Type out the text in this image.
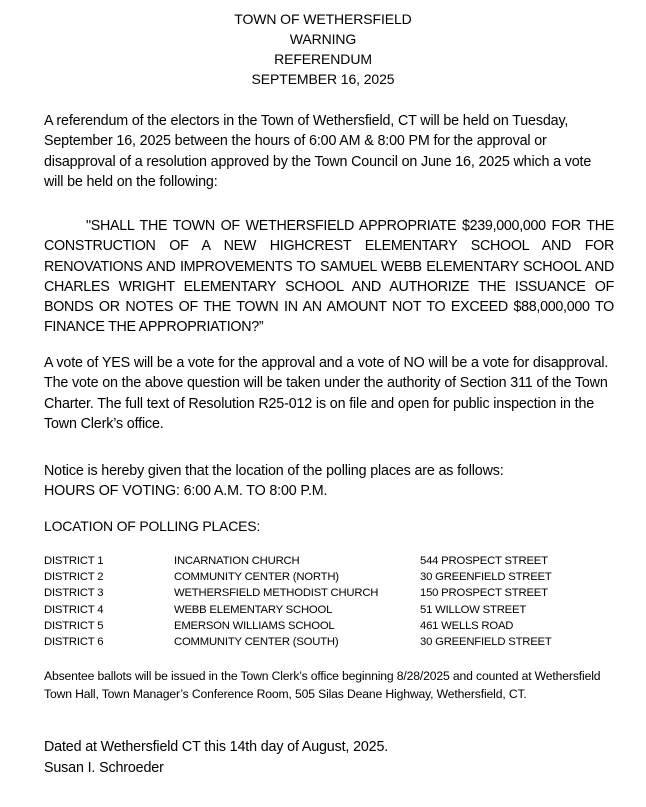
TOWN OF WETHERSFIELD
WARNING
REFERENDUM
SEPTEMBER 16, 2025
A referendum of the electors in the Town of Wethersfield, CT will be held on Tuesday, September 16, 2025 between the hours of 6:00 AM & 8:00 PM for the approval or disapproval of a resolution approved by the Town Council on June 16, 2025 which a vote will be held on the following:
"SHALL THE TOWN OF WETHERSFIELD APPROPRIATE $239,000,000 FOR THE CONSTRUCTION OF A NEW HIGHCREST ELEMENTARY SCHOOL AND FOR RENOVATIONS AND IMPROVEMENTS TO SAMUEL WEBB ELEMENTARY SCHOOL AND CHARLES WRIGHT ELEMENTARY SCHOOL AND AUTHORIZE THE ISSUANCE OF BONDS OR NOTES OF THE TOWN IN AN AMOUNT NOT TO EXCEED $88,000,000 TO FINANCE THE APPROPRIATION?”
A vote of YES will be a vote for the approval and a vote of NO will be a vote for disapproval. The vote on the above question will be taken under the authority of Section 311 of the Town Charter. The full text of Resolution R25-012 is on file and open for public inspection in the Town Clerk’s office.
Notice is hereby given that the location of the polling places are as follows:
HOURS OF VOTING: 6:00 A.M. TO 8:00 P.M.
LOCATION OF POLLING PLACES:
DISTRICT 1	INCARNATION CHURCH	544 PROSPECT STREET
DISTRICT 2	COMMUNITY CENTER (NORTH)	30 GREENFIELD STREET
DISTRICT 3	WETHERSFIELD METHODIST CHURCH	150 PROSPECT STREET
DISTRICT 4	WEBB ELEMENTARY SCHOOL	51 WILLOW STREET
DISTRICT 5	EMERSON WILLIAMS SCHOOL	461 WELLS ROAD
DISTRICT 6	COMMUNITY CENTER (SOUTH)	30 GREENFIELD STREET
Absentee ballots will be issued in the Town Clerk’s office beginning 8/28/2025 and counted at Wethersfield Town Hall, Town Manager’s Conference Room, 505 Silas Deane Highway, Wethersfield, CT.
Dated at Wethersfield CT this 14th day of August, 2025.
Susan I. Schroeder
